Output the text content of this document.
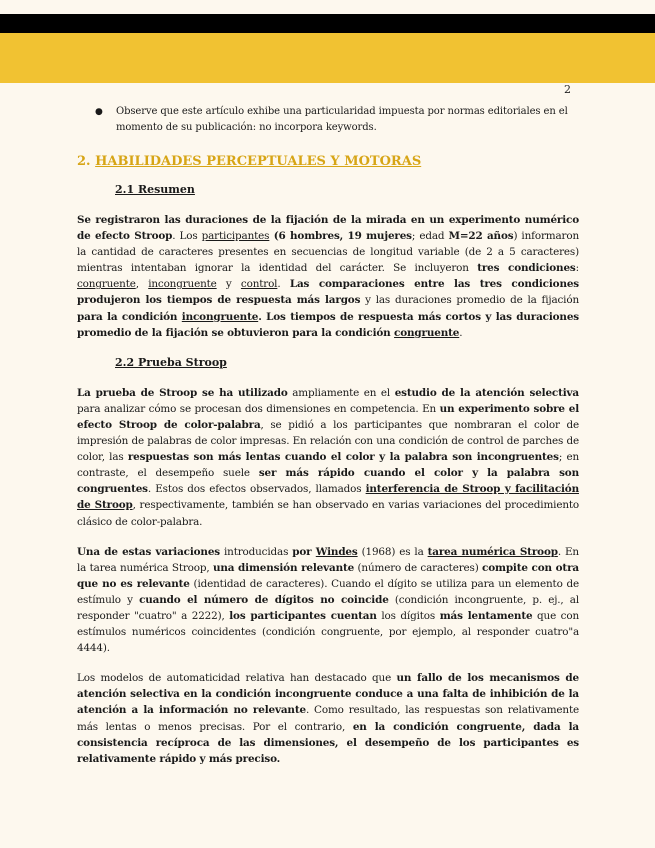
2
●	Observe que este artículo exhibe una particularidad impuesta por normas editoriales en el momento de su publicación: no incorpora keywords.
2. HABILIDADES PERCEPTUALES Y MOTORAS
2.1 Resumen

Se registraron las duraciones de la fijación de la mirada en un experimento numérico de efecto Stroop. Los participantes (6 hombres, 19 mujeres; edad M=22 años) informaron la cantidad de caracteres presentes en secuencias de longitud variable (de 2 a 5 caracteres) mientras intentaban ignorar la identidad del carácter. Se incluyeron tres condiciones: congruente, incongruente y control. Las comparaciones entre las tres condiciones produjeron los tiempos de respuesta más largos y las duraciones promedio de la fijación para la condición incongruente. Los tiempos de respuesta más cortos y las duraciones promedio de la fijación se obtuvieron para la condición congruente.

2.2 Prueba Stroop

La prueba de Stroop se ha utilizado ampliamente en el estudio de la atención selectiva para analizar cómo se procesan dos dimensiones en competencia. En un experimento sobre el efecto Stroop de color-palabra, se pidió a los participantes que nombraran el color de impresión de palabras de color impresas. En relación con una condición de control de parches de color, las respuestas son más lentas cuando el color y la palabra son incongruentes; en contraste, el desempeño suele ser más rápido cuando el color y la palabra son congruentes. Estos dos efectos observados, llamados interferencia de Stroop y facilitación de Stroop, respectivamente, también se han observado en varias variaciones del procedimiento clásico de color-palabra.

Una de estas variaciones introducidas por Windes (1968) es la tarea numérica Stroop. En la tarea numérica Stroop, una dimensión relevante (número de caracteres) compite con otra que no es relevante (identidad de caracteres). Cuando el dígito se utiliza para un elemento de estímulo y cuando el número de dígitos no coincide (condición incongruente, p. ej., al responder "cuatro" a 2222), los participantes cuentan los dígitos más lentamente que con estímulos numéricos coincidentes (condición congruente, por ejemplo, al responder cuatro"a 4444).

Los modelos de automaticidad relativa han destacado que un fallo de los mecanismos de atención selectiva en la condición incongruente conduce a una falta de inhibición de la atención a la información no relevante. Como resultado, las respuestas son relativamente más lentas o menos precisas. Por el contrario, en la condición congruente, dada la consistencia recíproca de las dimensiones, el desempeño de los participantes es relativamente rápido y más preciso.
